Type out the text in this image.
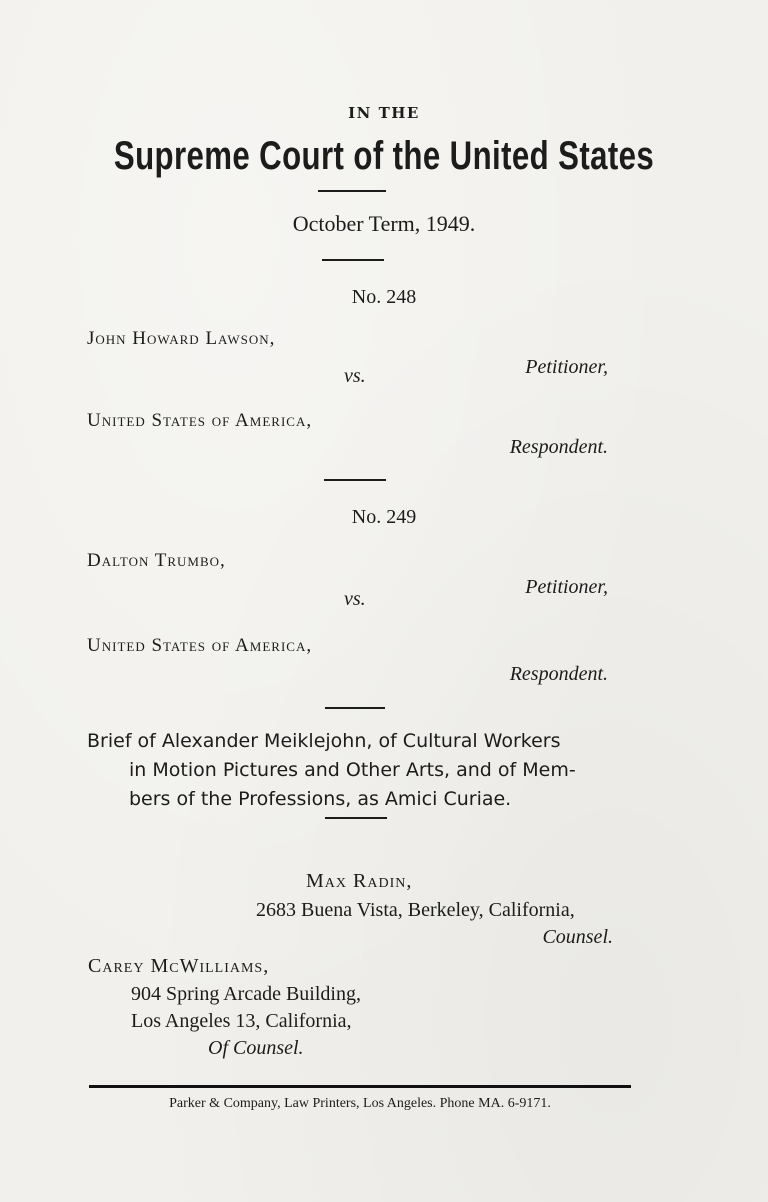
IN THE
Supreme Court of the United States
October Term, 1949.
No. 248
John Howard Lawson,
Petitioner,
vs.
United States of America,
Respondent.
No. 249
Dalton Trumbo,
Petitioner,
vs.
United States of America,
Respondent.
Brief of Alexander Meiklejohn, of Cultural Workers
in Motion Pictures and Other Arts, and of Mem-
bers of the Professions, as Amici Curiae.
Max Radin,
2683 Buena Vista, Berkeley, California,
Counsel.
Carey McWilliams,
904 Spring Arcade Building,
Los Angeles 13, California,
Of Counsel.
Parker & Company, Law Printers, Los Angeles. Phone MA. 6-9171.
